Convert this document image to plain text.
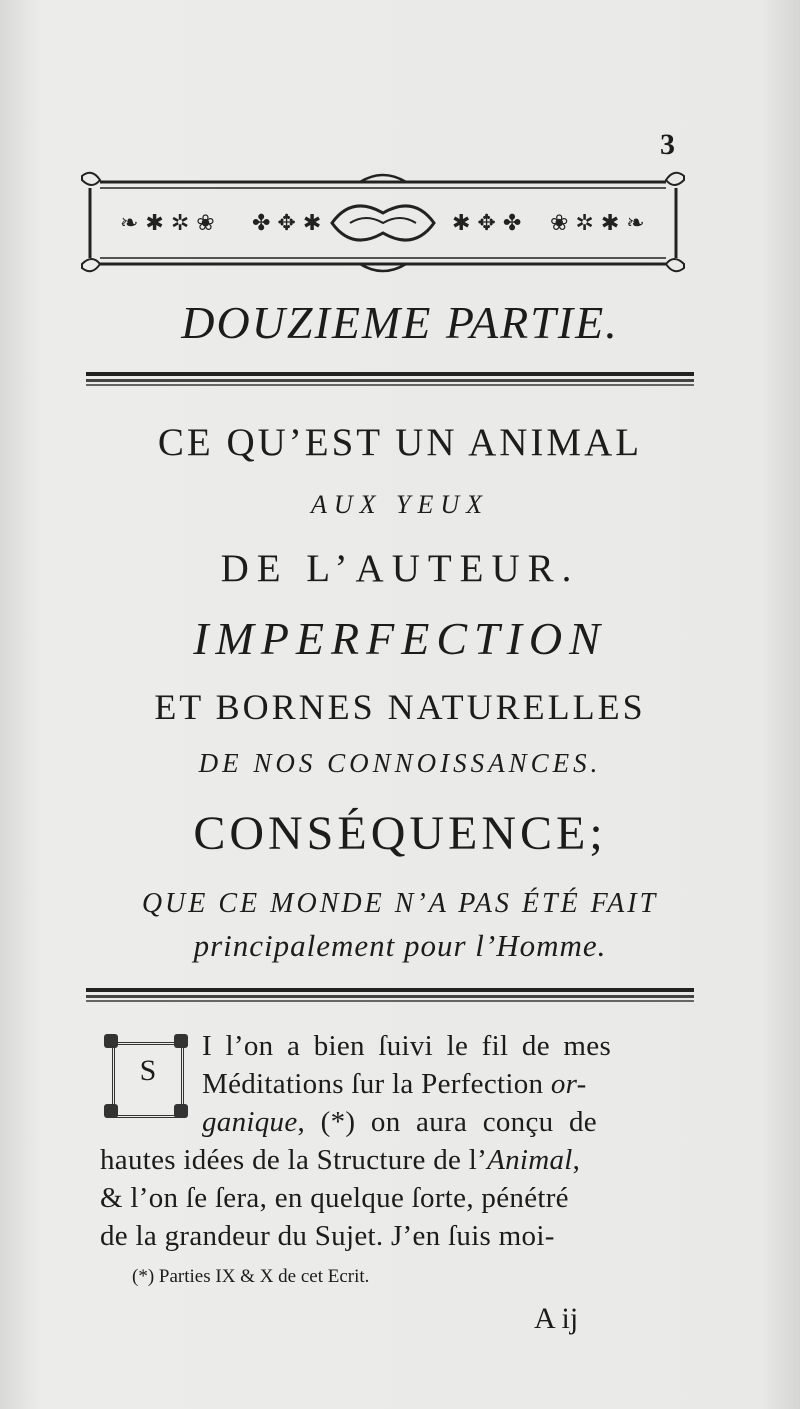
3
❧ ✱ ✲ ❀ ✤ ✥ ✱	✱ ✥ ✤ ❀ ✲ ✱ ❧
DOUZIEME PARTIE.
CE QU’EST UN ANIMAL
AUX YEUX
DE L’AUTEUR.
IMPERFECTION
ET BORNES NATURELLES
DE NOS CONNOISSANCES.
CONSÉQUENCE;
QUE CE MONDE N’A PAS ÉTÉ FAIT
principalement pour l’Homme.
S
I l’on a bien ſuivi le fil de mes
Méditations ſur la Perfection or-
ganique, (*) on aura conçu de
hautes idées de la Structure de l’Animal,
& l’on ſe ſera, en quelque ſorte, pénétré
de la grandeur du Sujet. J’en ſuis moi-
(*) Parties IX & X de cet Ecrit.
A ij
